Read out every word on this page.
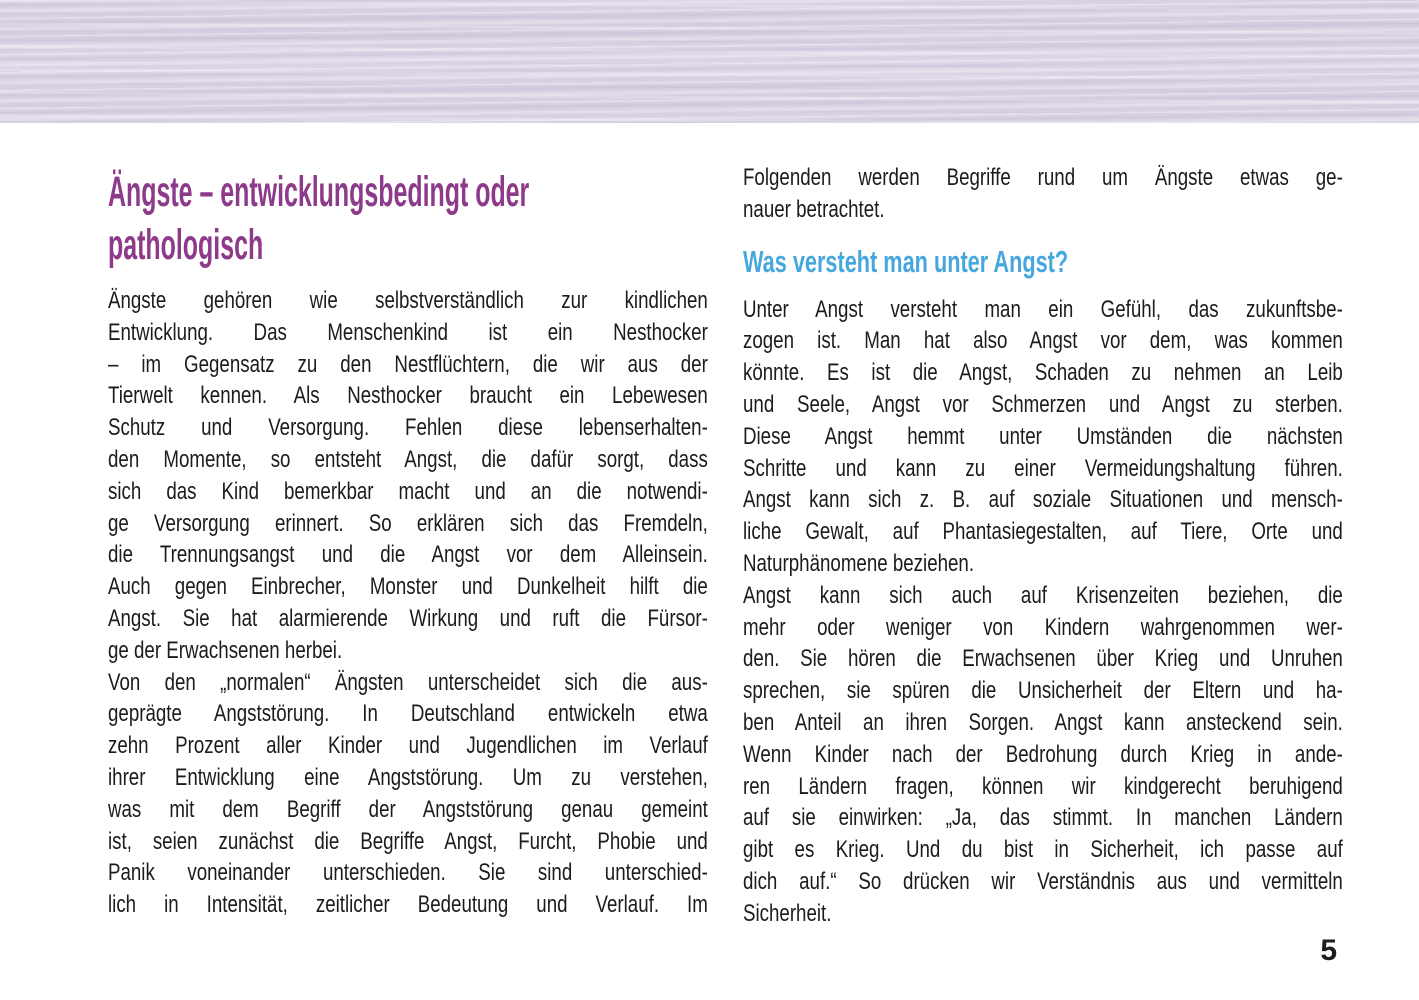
Ängste – entwicklungsbedingt oder
pathologisch
Ängste gehören wie selbstverständlich zur kindlichen
Entwicklung. Das Menschenkind ist ein Nesthocker
– im Gegensatz zu den Nestflüchtern, die wir aus der
Tierwelt kennen. Als Nesthocker braucht ein Lebewesen
Schutz und Versorgung. Fehlen diese lebenserhalten-
den Momente, so entsteht Angst, die dafür sorgt, dass
sich das Kind bemerkbar macht und an die notwendi-
ge Versorgung erinnert. So erklären sich das Fremdeln,
die Trennungsangst und die Angst vor dem Alleinsein.
Auch gegen Einbrecher, Monster und Dunkelheit hilft die
Angst. Sie hat alarmierende Wirkung und ruft die Fürsor-
ge der Erwachsenen herbei.
Von den „normalen“ Ängsten unterscheidet sich die aus-
geprägte Angststörung. In Deutschland entwickeln etwa
zehn Prozent aller Kinder und Jugendlichen im Verlauf
ihrer Entwicklung eine Angststörung. Um zu verstehen,
was mit dem Begriff der Angststörung genau gemeint
ist, seien zunächst die Begriffe Angst, Furcht, Phobie und
Panik voneinander unterschieden. Sie sind unterschied-
lich in Intensität, zeitlicher Bedeutung und Verlauf. Im
Folgenden werden Begriffe rund um Ängste etwas ge-
nauer betrachtet.
Was versteht man unter Angst?
Unter Angst versteht man ein Gefühl, das zukunftsbe-
zogen ist. Man hat also Angst vor dem, was kommen
könnte. Es ist die Angst, Schaden zu nehmen an Leib
und Seele, Angst vor Schmerzen und Angst zu sterben.
Diese Angst hemmt unter Umständen die nächsten
Schritte und kann zu einer Vermeidungshaltung führen.
Angst kann sich z. B. auf soziale Situationen und mensch-
liche Gewalt, auf Phantasiegestalten, auf Tiere, Orte und
Naturphänomene beziehen.
Angst kann sich auch auf Krisenzeiten beziehen, die
mehr oder weniger von Kindern wahrgenommen wer-
den. Sie hören die Erwachsenen über Krieg und Unruhen
sprechen, sie spüren die Unsicherheit der Eltern und ha-
ben Anteil an ihren Sorgen. Angst kann ansteckend sein.
Wenn Kinder nach der Bedrohung durch Krieg in ande-
ren Ländern fragen, können wir kindgerecht beruhigend
auf sie einwirken: „Ja, das stimmt. In manchen Ländern
gibt es Krieg. Und du bist in Sicherheit, ich passe auf
dich auf.“ So drücken wir Verständnis aus und vermitteln
Sicherheit.
5
